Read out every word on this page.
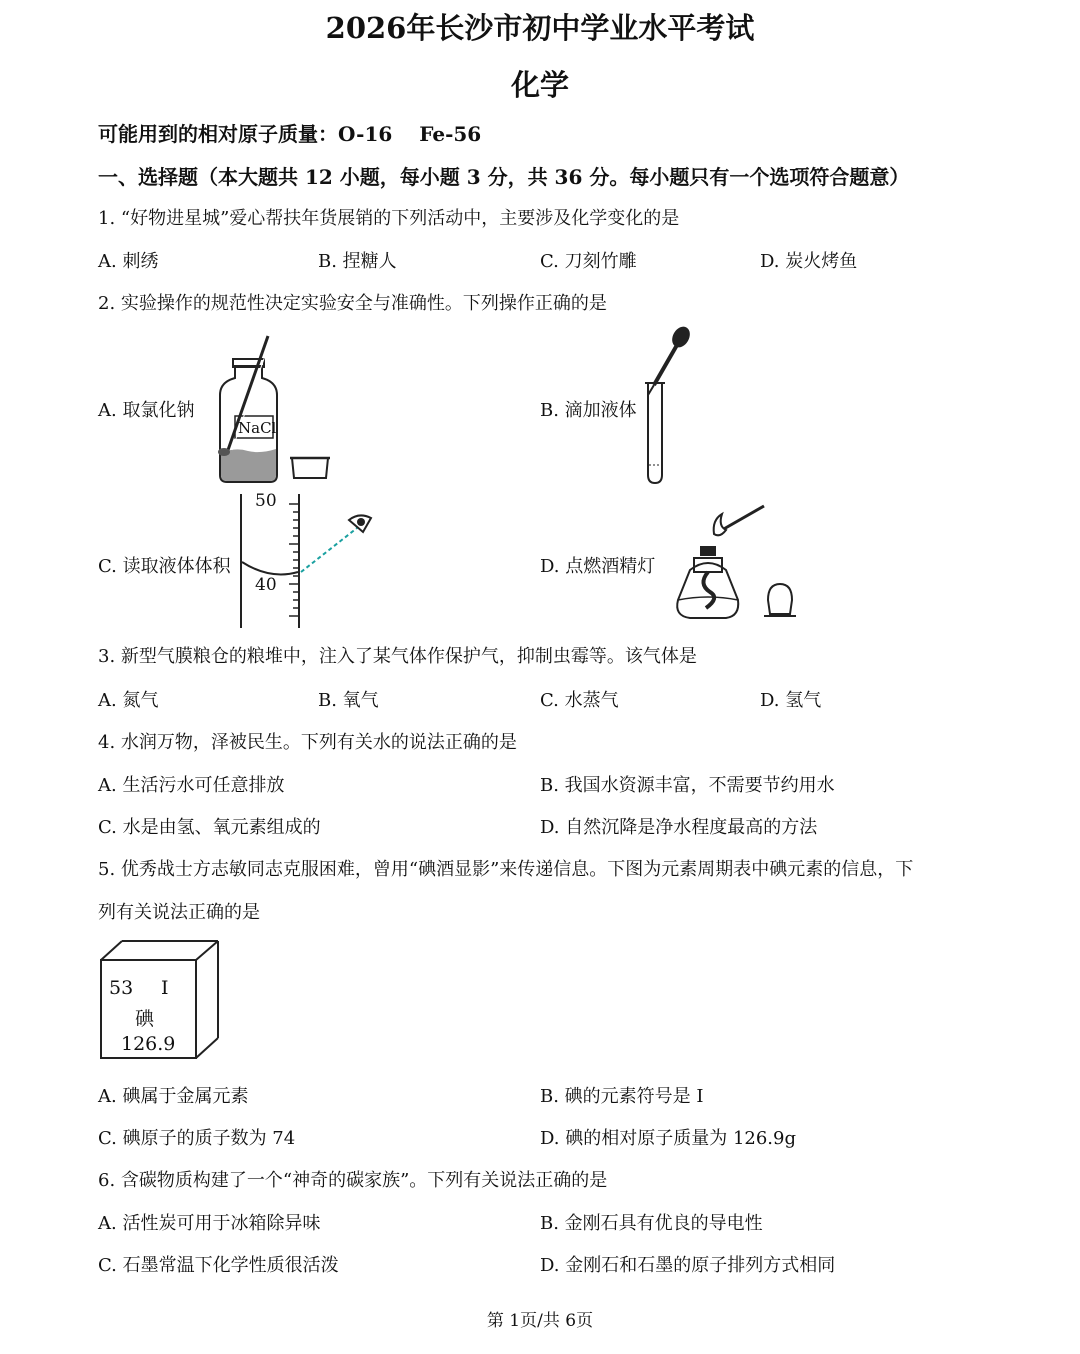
2026年长沙市初中学业水平考试
化学
可能用到的相对原子质量：O-16　 Fe-56
一、选择题（本大题共 12 小题，每小题 3 分，共 36 分。每小题只有一个选项符合题意）
1. “好物进星城”爱心帮扶年货展销的下列活动中，主要涉及化学变化的是
A. 刺绣	B. 捏糖人	C. 刀刻竹雕	D. 炭火烤鱼
2. 实验操作的规范性决定实验安全与准确性。下列操作正确的是
A. 取氯化钠	B. 滴加液体
C. 读取液体体积	D. 点燃酒精灯
NaCl
50
40
3. 新型气膜粮仓的粮堆中，注入了某气体作保护气，抑制虫霉等。该气体是
A. 氮气	B. 氧气	C. 水蒸气	D. 氢气
4. 水润万物，泽被民生。下列有关水的说法正确的是
A. 生活污水可任意排放	B. 我国水资源丰富，不需要节约用水
C. 水是由氢、氧元素组成的	D. 自然沉降是净水程度最高的方法
5. 优秀战士方志敏同志克服困难，曾用“碘酒显影”来传递信息。下图为元素周期表中碘元素的信息，下
列有关说法正确的是
53 I
碘
126.9
A. 碘属于金属元素	B. 碘的元素符号是 I
C. 碘原子的质子数为 74	D. 碘的相对原子质量为 126.9g
6. 含碳物质构建了一个“神奇的碳家族”。下列有关说法正确的是
A. 活性炭可用于冰箱除异味	B. 金刚石具有优良的导电性
C. 石墨常温下化学性质很活泼	D. 金刚石和石墨的原子排列方式相同
第 1页/共 6页
